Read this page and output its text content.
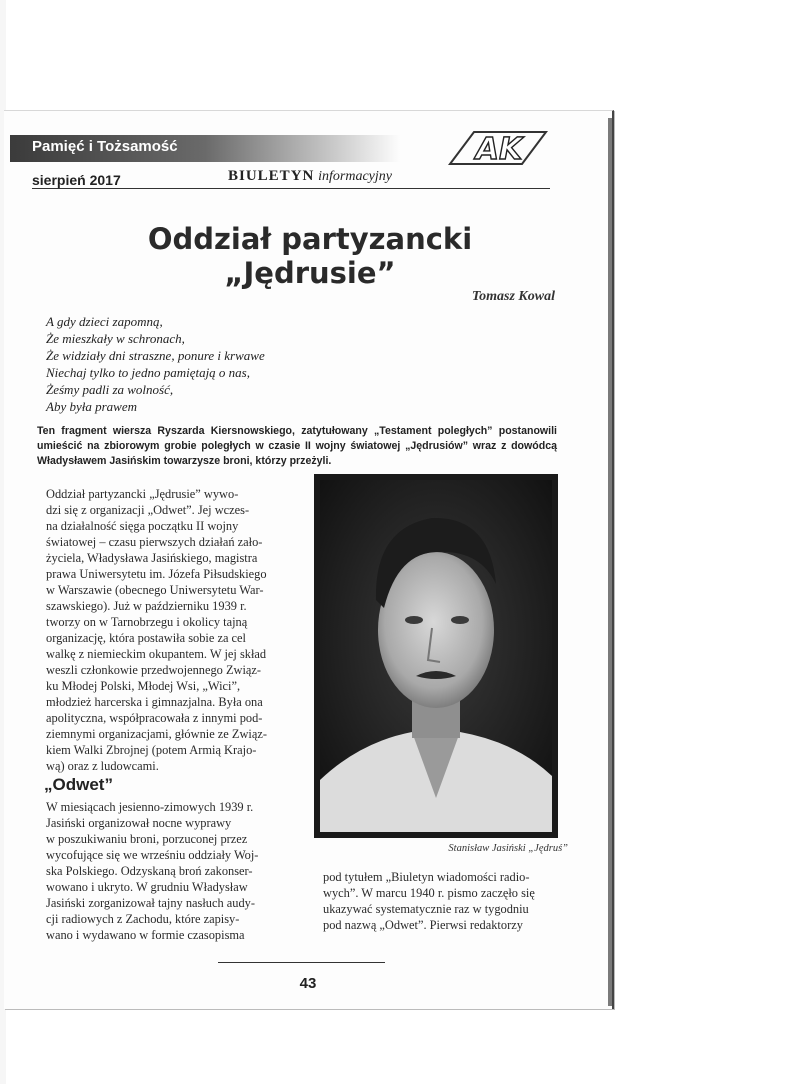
Pamięć i Tożsamość
sierpień 2017	BIULETYN informacyjny
AK
Oddział partyzancki
„Jędrusie”
Tomasz Kowal
A gdy dzieci zapomną,
Że mieszkały w schronach,
Że widziały dni straszne, ponure i krwawe
Niechaj tylko to jedno pamiętają o nas,
Żeśmy padli za wolność,
Aby była prawem
Ten fragment wiersza Ryszarda Kiersnowskiego, zatytułowany „Testament poległych” postanowili umieścić na zbiorowym grobie poległych w czasie II wojny światowej „Jędrusiów” wraz z dowódcą Władysławem Jasińskim towarzysze broni, którzy przeżyli.
Oddział partyzancki „Jędrusie” wywo-
dzi się z organizacji „Odwet”. Jej wczes-
na działalność sięga początku II wojny
światowej – czasu pierwszych działań zało-
życiela, Władysława Jasińskiego, magistra
prawa Uniwersytetu im. Józefa Piłsudskiego
w Warszawie (obecnego Uniwersytetu War-
szawskiego). Już w październiku 1939 r.
tworzy on w Tarnobrzegu i okolicy tajną
organizację, która postawiła sobie za cel
walkę z niemieckim okupantem. W jej skład
weszli członkowie przedwojennego Związ-
ku Młodej Polski, Młodej Wsi, „Wici”,
młodzież harcerska i gimnazjalna. Była ona
apolityczna, współpracowała z innymi pod-
ziemnymi organizacjami, głównie ze Związ-
kiem Walki Zbrojnej (potem Armią Krajo-
wą) oraz z ludowcami.
„Odwet”
W miesiącach jesienno-zimowych 1939 r.
Jasiński organizował nocne wyprawy
w poszukiwaniu broni, porzuconej przez
wycofujące się we wrześniu oddziały Woj-
ska Polskiego. Odzyskaną broń zakonser-
wowano i ukryto. W grudniu Władysław
Jasiński zorganizował tajny nasłuch audy-
cji radiowych z Zachodu, które zapisy-
wano i wydawano w formie czasopisma
Stanisław Jasiński „Jędruś”
pod tytułem „Biuletyn wiadomości radio-
wych”. W marcu 1940 r. pismo zaczęło się
ukazywać systematycznie raz w tygodniu
pod nazwą „Odwet”. Pierwsi redaktorzy
43
